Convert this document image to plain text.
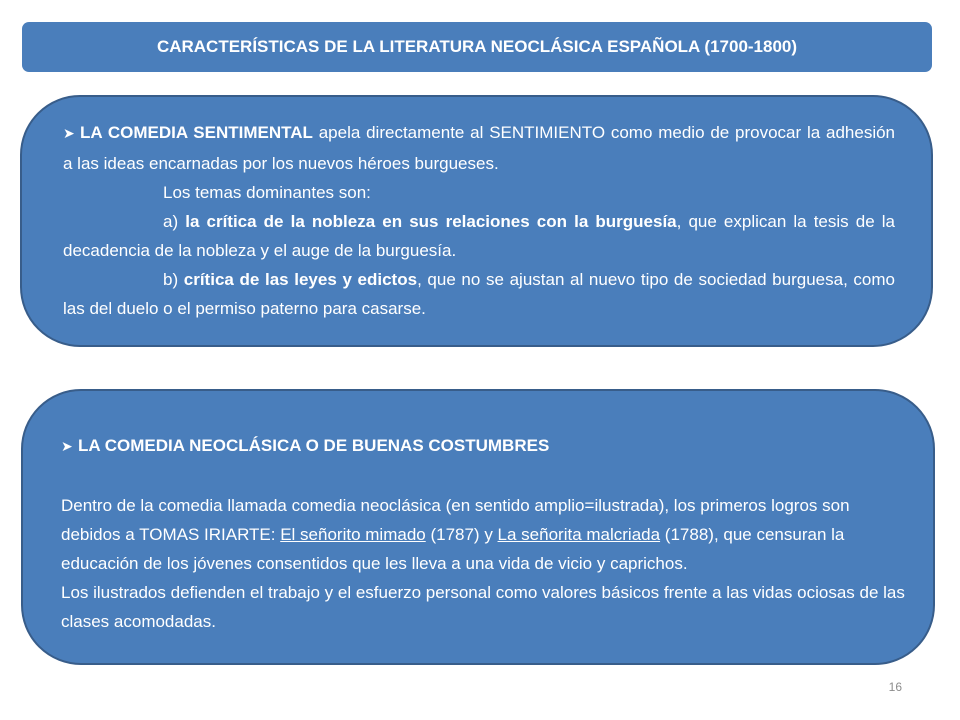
CARACTERÍSTICAS DE LA LITERATURA NEOCLÁSICA ESPAÑOLA (1700-1800)

➤ LA COMEDIA SENTIMENTAL apela directamente al SENTIMIENTO como medio de provocar la adhesión a las ideas encarnadas por los nuevos héroes burgueses.

Los temas dominantes son:

a) la crítica de la nobleza en sus relaciones con la burguesía, que explican la tesis de la decadencia de la nobleza y el auge de la burguesía.

b) crítica de las leyes y edictos, que no se ajustan al nuevo tipo de sociedad burguesa, como las del duelo o el permiso paterno para casarse.

➤ LA COMEDIA NEOCLÁSICA O DE BUENAS COSTUMBRES

Dentro de la comedia llamada comedia neoclásica (en sentido amplio=ilustrada), los primeros logros son debidos a TOMAS IRIARTE: El señorito mimado (1787) y La señorita malcriada (1788), que censuran la educación de los jóvenes consentidos que les lleva a una vida de vicio y caprichos.

Los ilustrados defienden el trabajo y el esfuerzo personal como valores básicos frente a las vidas ociosas de las clases acomodadas.

16
